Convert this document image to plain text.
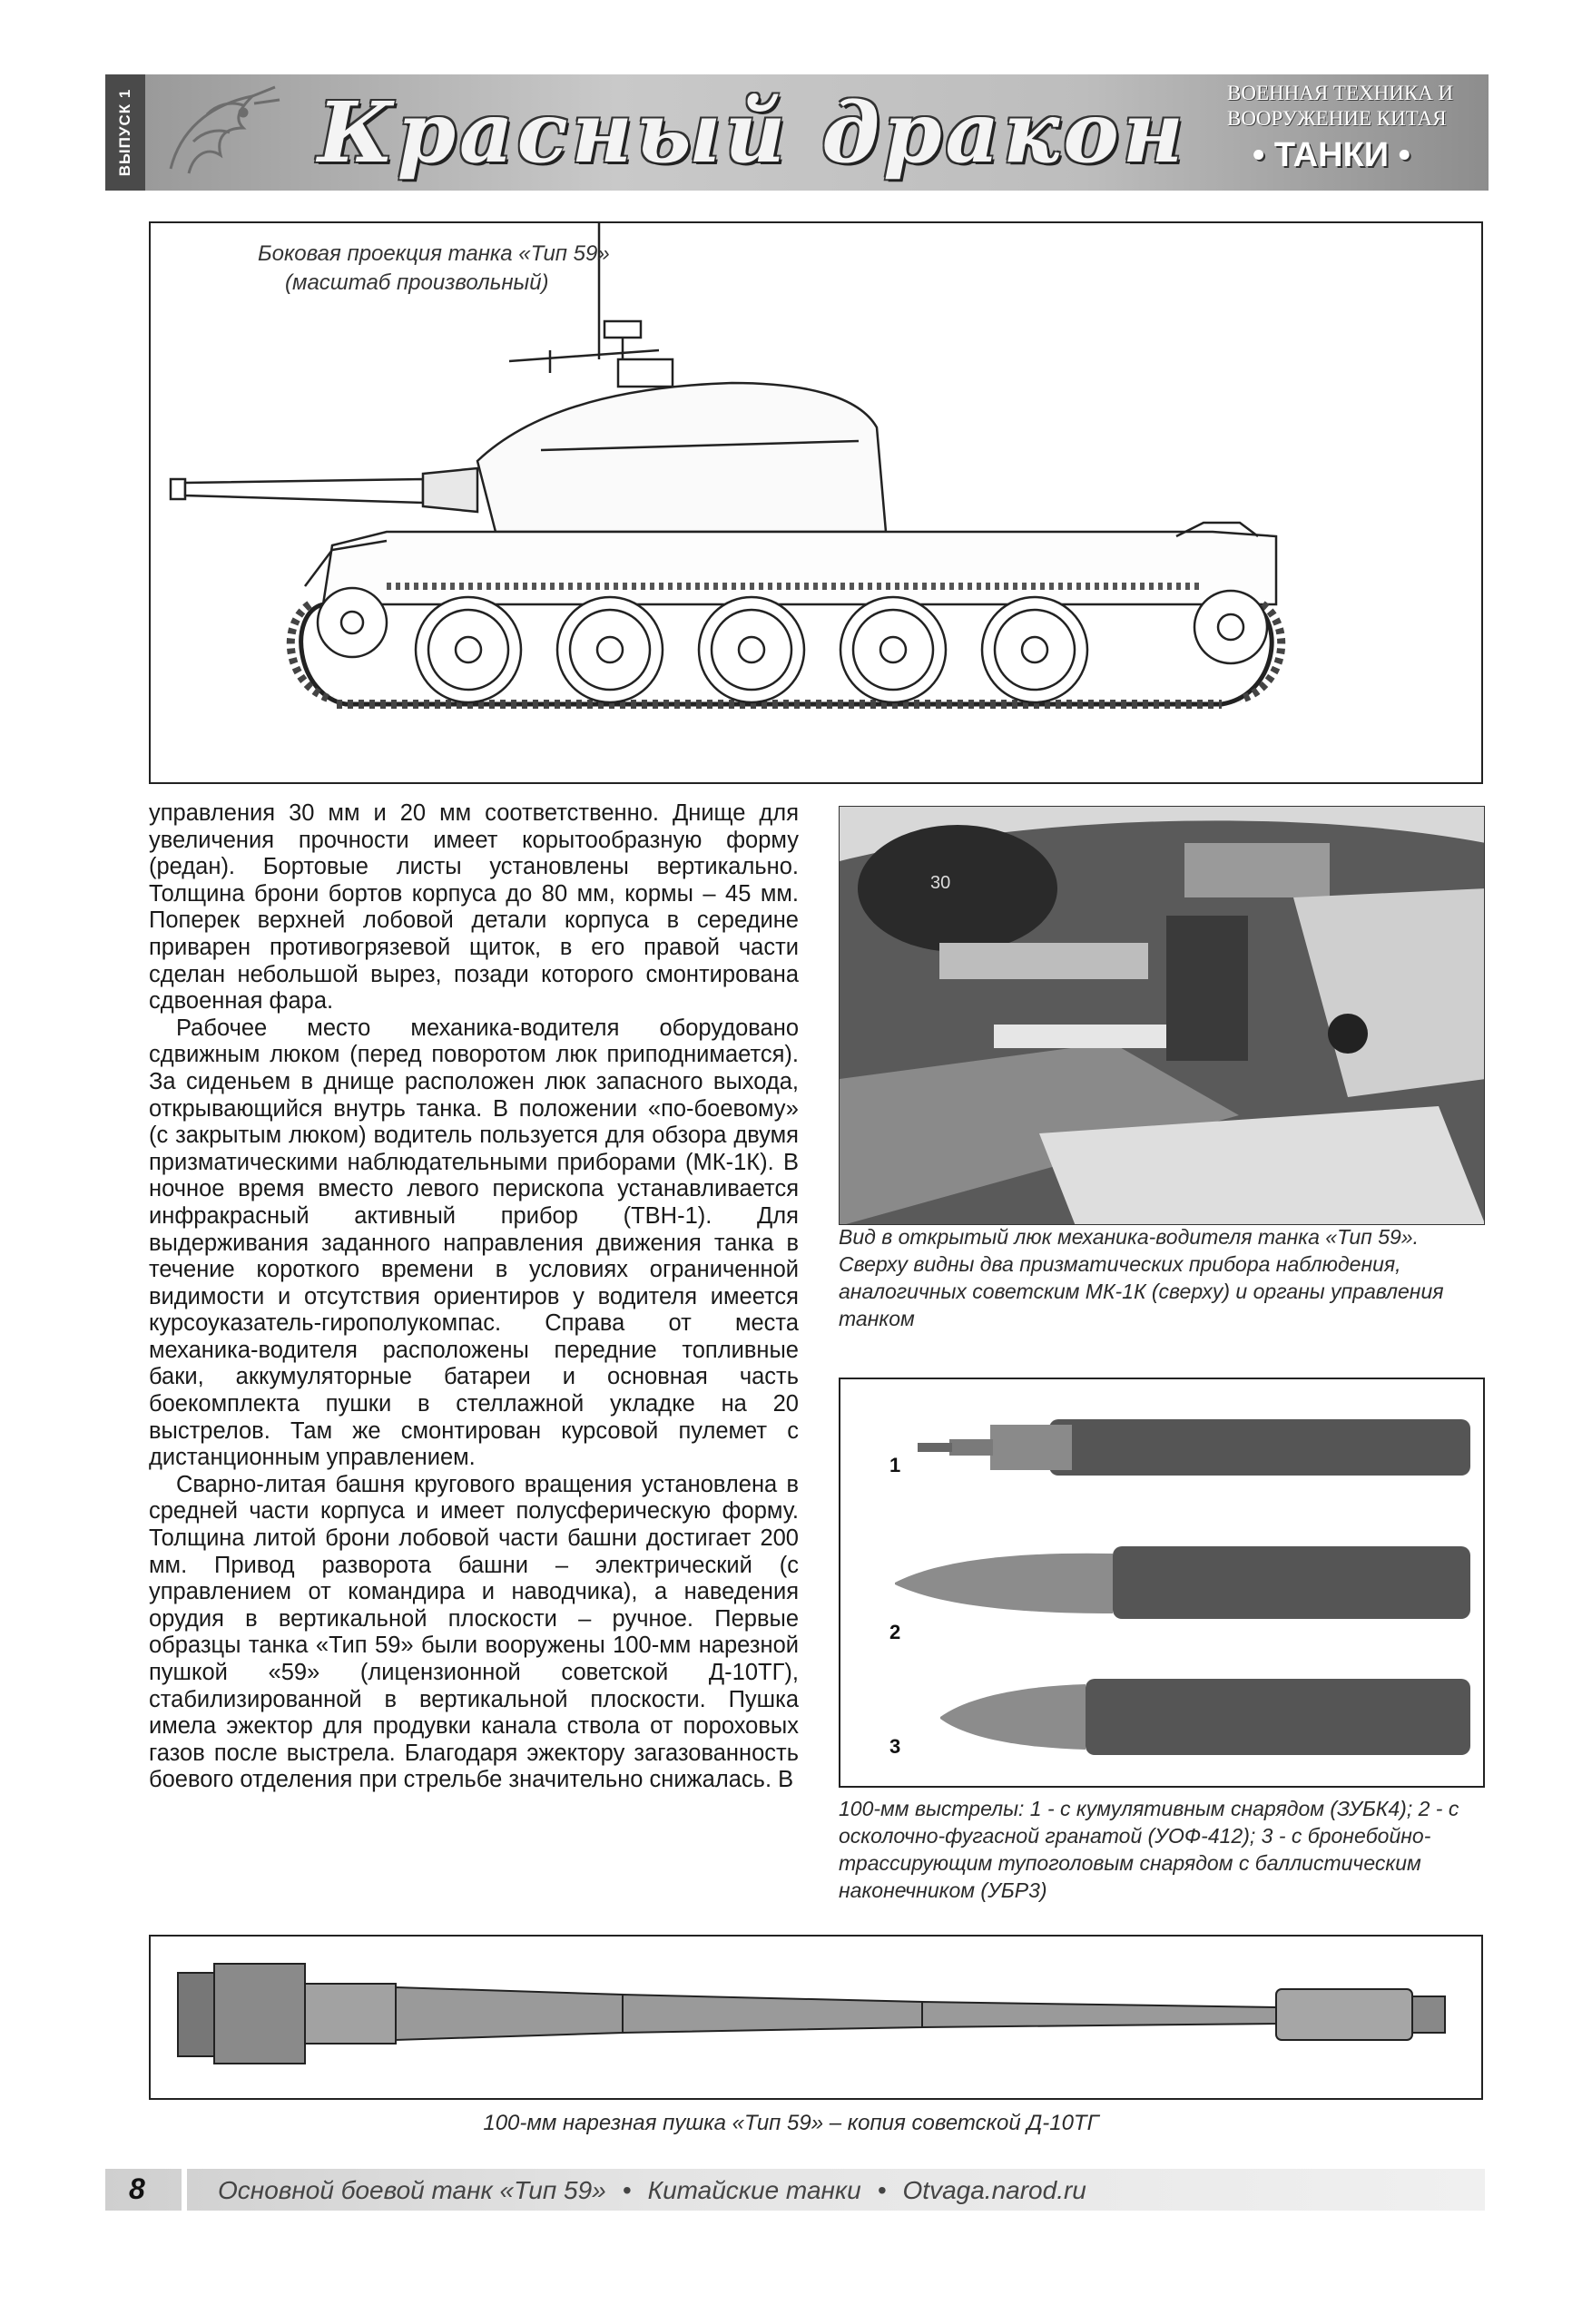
ВЫПУСК 1 Красный дракон ВОЕННАЯ ТЕХНИКА И
ВООРУЖЕНИЕ КИТАЯ
• ТАНКИ •
Боковая проекция танка «Тип 59»
(масштаб произвольный)

управления 30 мм и 20 мм соответственно. Днище для увеличения прочности имеет корытообразную форму (редан). Бортовые листы установлены вертикально. Толщина брони бортов корпуса до 80 мм, кормы – 45 мм. Поперек верхней лобовой детали корпуса в середине приварен противогрязевой щиток, в его правой части сделан небольшой вырез, позади которого смонтирована сдвоенная фара.

Рабочее место механика-водителя оборудовано сдвижным люком (перед поворотом люк приподнимается). За сиденьем в днище расположен люк запасного выхода, открывающийся внутрь танка. В положении «по-боевому» (с закрытым люком) водитель пользуется для обзора двумя призматическими наблюдательными приборами (МК-1К). В ночное время вместо левого перископа устанавливается инфракрасный активный прибор (ТВН-1). Для выдерживания заданного направления движения танка в течение короткого времени в условиях ограниченной видимости и отсутствия ориентиров у водителя имеется курсоуказатель-гирополукомпас. Справа от места механика-водителя расположены передние топливные баки, аккумуляторные батареи и основная часть боекомплекта пушки в стеллажной укладке на 20 выстрелов. Там же смонтирован курсовой пулемет с дистанционным управлением.

Сварно-литая башня кругового вращения установлена в средней части корпуса и имеет полусферическую форму. Толщина литой брони лобовой части башни достигает 200 мм. Привод разворота башни – электрический (с управлением от командира и наводчика), а наведения орудия в вертикальной плоскости – ручное. Первые образцы танка «Тип 59» были вооружены 100-мм нарезной пушкой «59» (лицензионной советской Д-10ТГ), стабилизированной в вертикальной плоскости. Пушка имела эжектор для продувки канала ствола от пороховых газов после выстрела. Благодаря эжектору загазованность боевого отделения при стрельбе значительно снижалась. В

30
Вид в открытый люк механика-водителя танка «Тип 59». Сверху видны два призматических прибора наблюдения, аналогичных советским МК-1К (сверху) и органы управления танком
1
2
3
100-мм выстрелы: 1 - с кумулятивным снарядом (ЗУБК4); 2 - с осколочно-фугасной гранатой (УОФ-412); 3 - с бронебойно-трассирующим тупоголовым снарядом с баллистическим наконечником (УБР3)
100-мм нарезная пушка «Тип 59» – копия советской Д-10ТГ
8	Основной боевой танк «Тип 59» • Китайские танки • Otvaga.narod.ru
